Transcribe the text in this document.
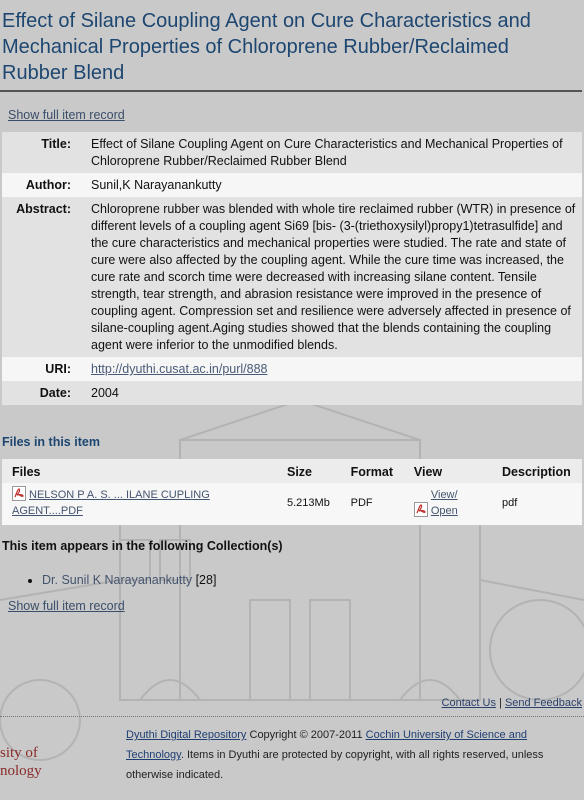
Effect of Silane Coupling Agent on Cure Characteristics and Mechanical Properties of Chloroprene Rubber/Reclaimed Rubber Blend
Show full item record
Title:	Effect of Silane Coupling Agent on Cure Characteristics and Mechanical Properties of Chloroprene Rubber/Reclaimed Rubber Blend
Author:	Sunil,K Narayanankutty
Abstract:	Chloroprene rubber was blended with whole tire reclaimed rubber (WTR) in presence of different levels of a coupling agent Si69 [bis- (3-(triethoxysilyl)propy1)tetrasulfide] and the cure characteristics and mechanical properties were studied. The rate and state of cure were also affected by the coupling agent. While the cure time was increased, the cure rate and scorch time were decreased with increasing silane content. Tensile strength, tear strength, and abrasion resistance were improved in the presence of coupling agent. Compression set and resilience were adversely affected in presence of silane-coupling agent.Aging studies showed that the blends containing the coupling agent were inferior to the unmodified blends.
URI:	http://dyuthi.cusat.ac.in/purl/888
Date:	2004
Files in this item
Files	Size	Format	View	Description
NELSON P A. S. ... ILANE CUPLING AGENT....PDF	5.213Mb	PDF	View/ Open	pdf
This item appears in the following Collection(s)
• Dr. Sunil K Narayanankutty [28]
Show full item record
Contact Us | Send Feedback
sity of
nology
Dyuthi Digital Repository Copyright © 2007-2011 Cochin University of Science and Technology. Items in Dyuthi are protected by copyright, with all rights reserved, unless otherwise indicated.
